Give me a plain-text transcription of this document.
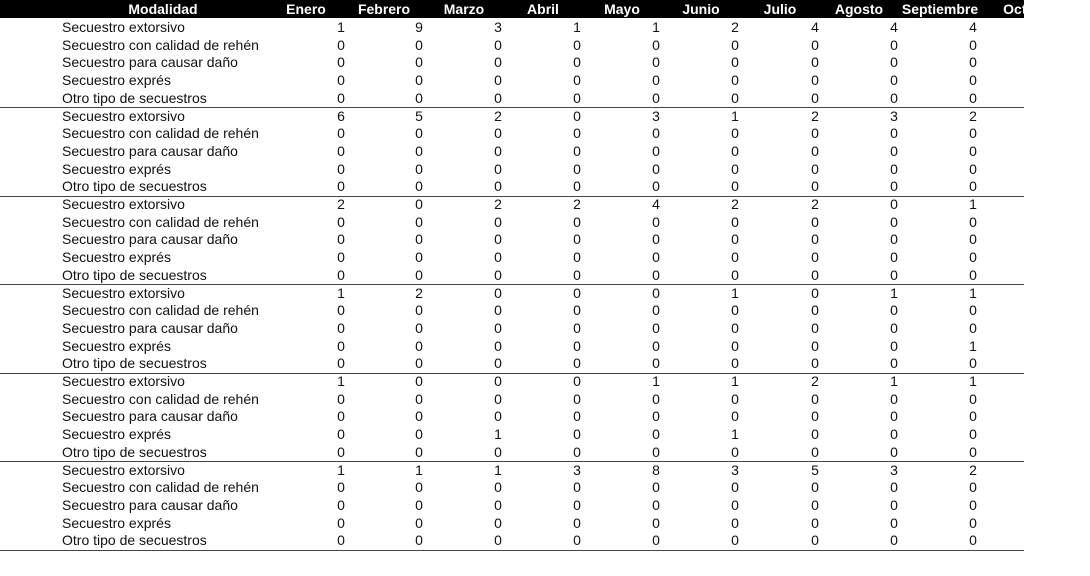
Modalidad	Enero	Febrero	Marzo	Abril	Mayo	Junio	Julio	Agosto	Septiembre	Octubre
Secuestro extorsivo	1	9	3	1	1	2	4	4	4
Secuestro con calidad de rehén	0	0	0	0	0	0	0	0	0
Secuestro para causar daño	0	0	0	0	0	0	0	0	0
Secuestro exprés	0	0	0	0	0	0	0	0	0
Otro tipo de secuestros	0	0	0	0	0	0	0	0	0
Secuestro extorsivo	6	5	2	0	3	1	2	3	2
Secuestro con calidad de rehén	0	0	0	0	0	0	0	0	0
Secuestro para causar daño	0	0	0	0	0	0	0	0	0
Secuestro exprés	0	0	0	0	0	0	0	0	0
Otro tipo de secuestros	0	0	0	0	0	0	0	0	0
Secuestro extorsivo	2	0	2	2	4	2	2	0	1
Secuestro con calidad de rehén	0	0	0	0	0	0	0	0	0
Secuestro para causar daño	0	0	0	0	0	0	0	0	0
Secuestro exprés	0	0	0	0	0	0	0	0	0
Otro tipo de secuestros	0	0	0	0	0	0	0	0	0
Secuestro extorsivo	1	2	0	0	0	1	0	1	1
Secuestro con calidad de rehén	0	0	0	0	0	0	0	0	0
Secuestro para causar daño	0	0	0	0	0	0	0	0	0
Secuestro exprés	0	0	0	0	0	0	0	0	1
Otro tipo de secuestros	0	0	0	0	0	0	0	0	0
Secuestro extorsivo	1	0	0	0	1	1	2	1	1
Secuestro con calidad de rehén	0	0	0	0	0	0	0	0	0
Secuestro para causar daño	0	0	0	0	0	0	0	0	0
Secuestro exprés	0	0	1	0	0	1	0	0	0
Otro tipo de secuestros	0	0	0	0	0	0	0	0	0
Secuestro extorsivo	1	1	1	3	8	3	5	3	2
Secuestro con calidad de rehén	0	0	0	0	0	0	0	0	0
Secuestro para causar daño	0	0	0	0	0	0	0	0	0
Secuestro exprés	0	0	0	0	0	0	0	0	0
Otro tipo de secuestros	0	0	0	0	0	0	0	0	0
